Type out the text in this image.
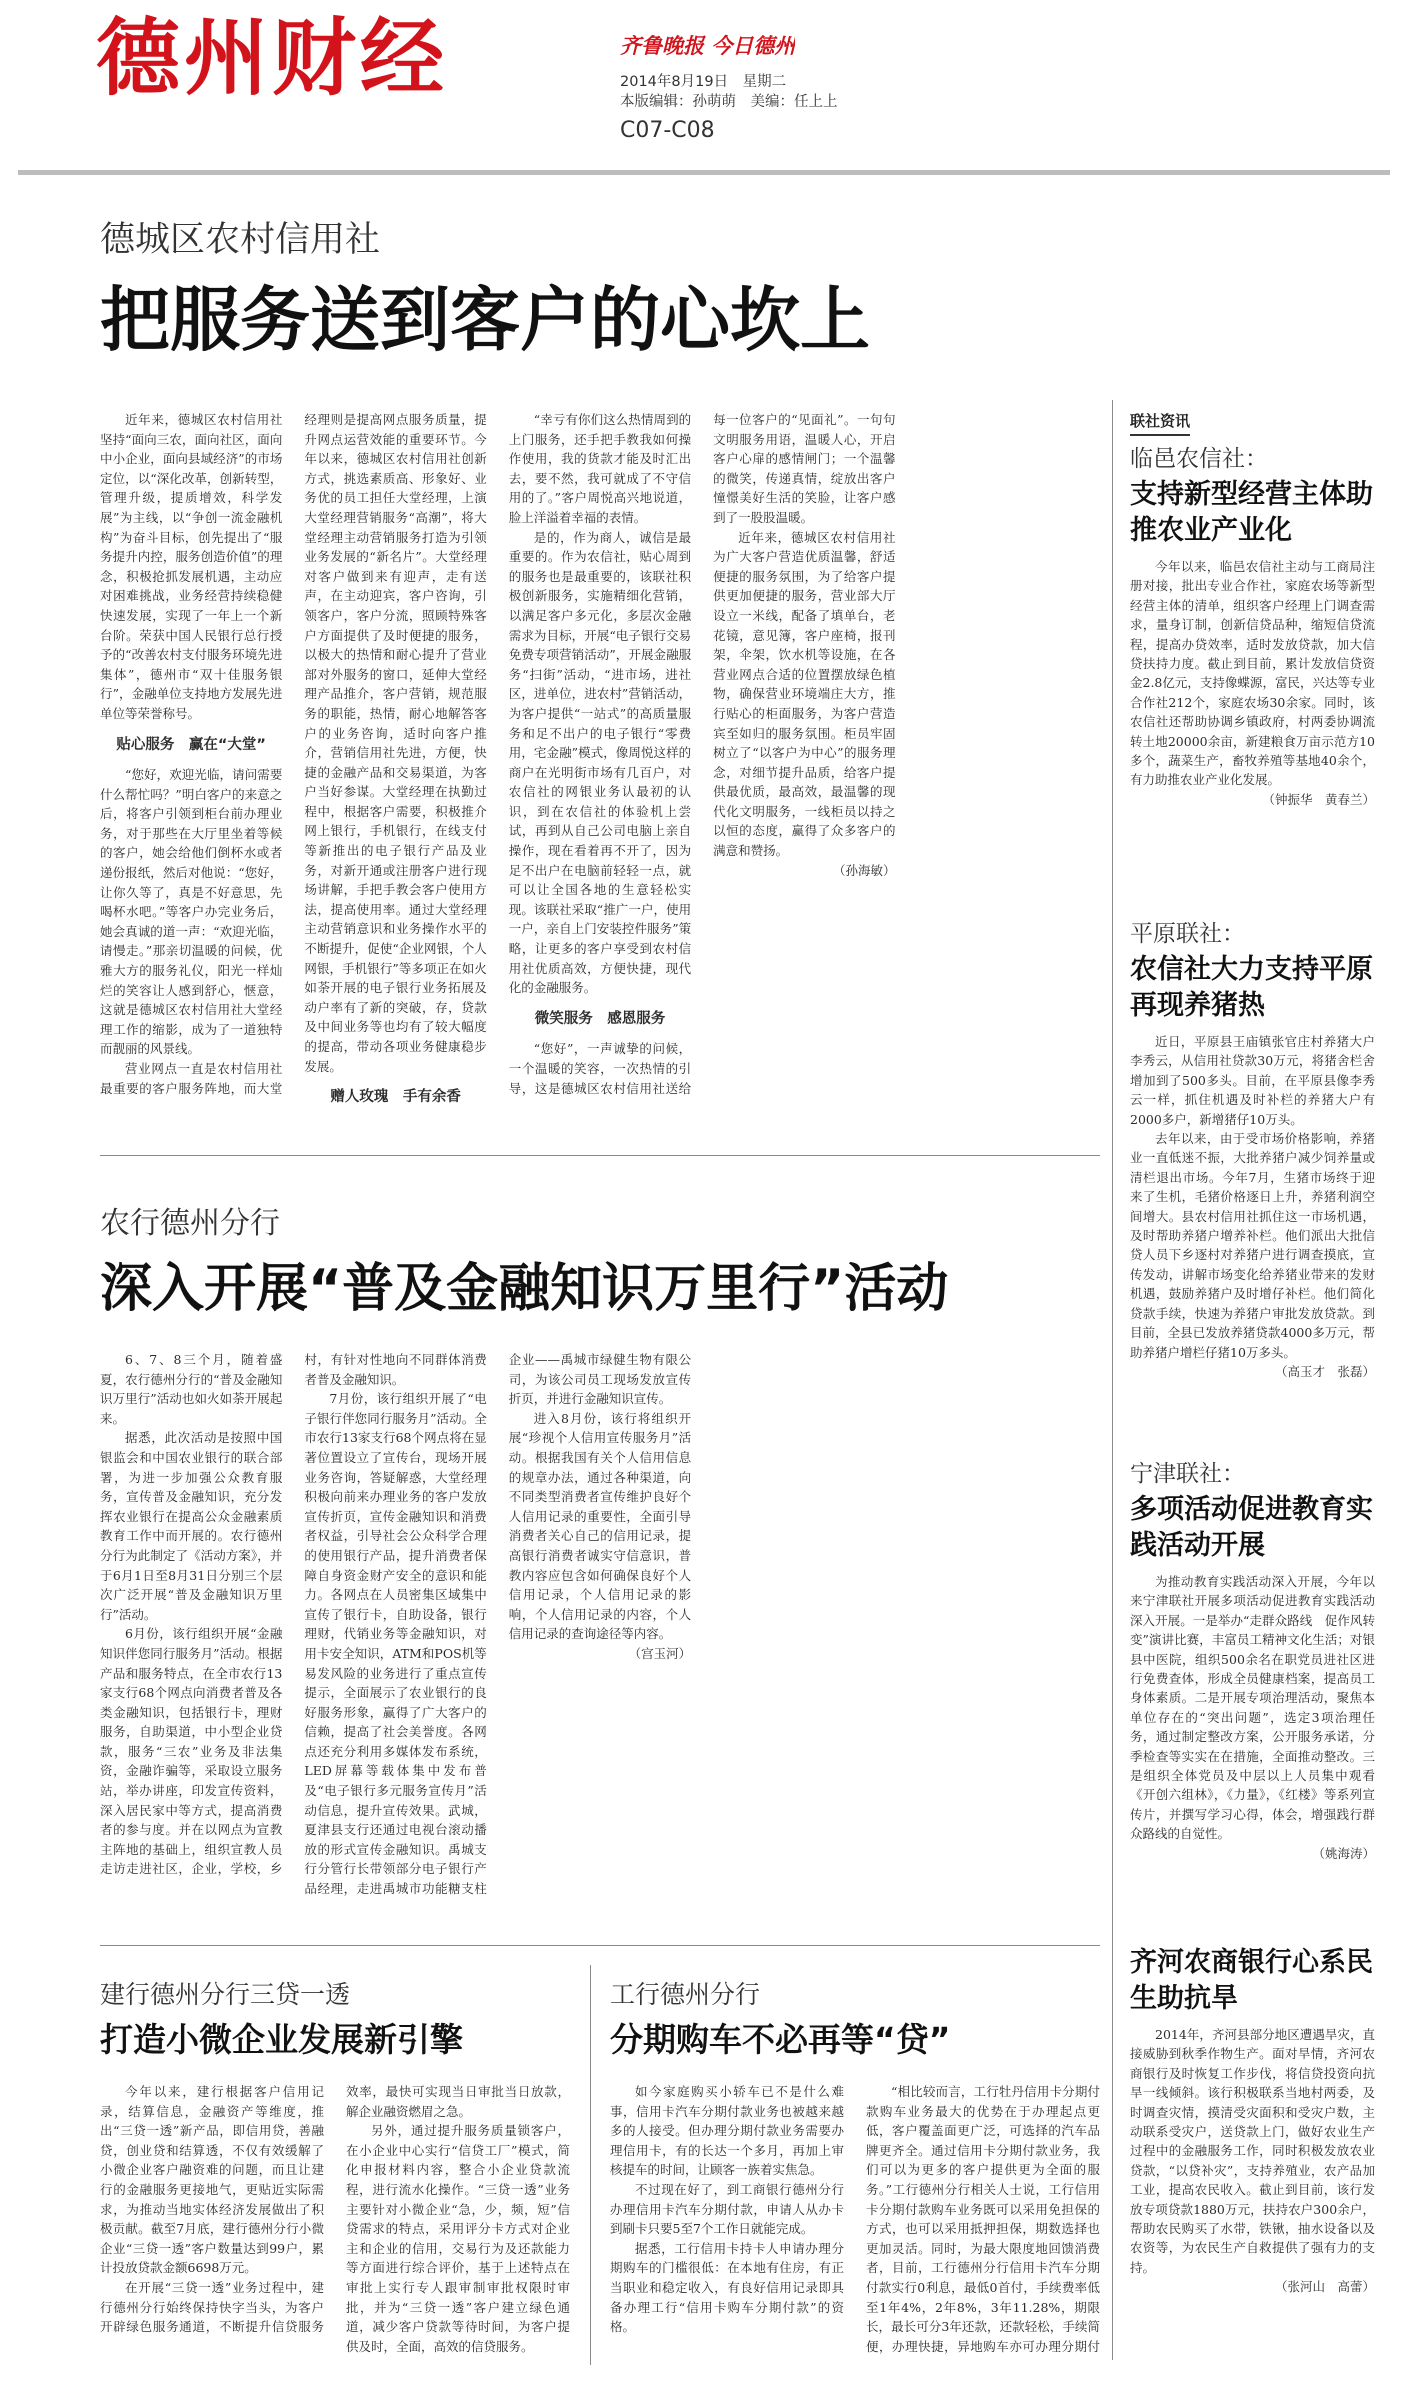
德州财经	齐鲁晚报 今日德州
2014年8月19日　星期二
本版编辑：孙萌萌　美编：任上上
C07-C08
德城区农村信用社
把服务送到客户的心坎上

近年来，德城区农村信用社坚持“面向三农，面向社区，面向中小企业，面向县域经济”的市场定位，以“深化改革，创新转型，管理升级，提质增效，科学发展”为主线，以“争创一流金融机构”为奋斗目标，创先提出了“服务提升内控，服务创造价值”的理念，积极抢抓发展机遇，主动应对困难挑战，业务经营持续稳健快速发展，实现了一年上一个新台阶。荣获中国人民银行总行授予的“改善农村支付服务环境先进集体”，德州市“双十佳服务银行”，金融单位支持地方发展先进单位等荣誉称号。

贴心服务　赢在“大堂”

“您好，欢迎光临，请问需要什么帮忙吗？”明白客户的来意之后，将客户引领到柜台前办理业务，对于那些在大厅里坐着等候的客户，她会给他们倒杯水或者递份报纸，然后对他说：“您好，让你久等了，真是不好意思，先喝杯水吧。”等客户办完业务后，她会真诚的道一声：“欢迎光临，请慢走。”那亲切温暖的问候，优雅大方的服务礼仪，阳光一样灿烂的笑容让人感到舒心，惬意，这就是德城区农村信用社大堂经理工作的缩影，成为了一道独特而靓丽的风景线。

营业网点一直是农村信用社最重要的客户服务阵地，而大堂经理则是提高网点服务质量，提升网点运营效能的重要环节。今年以来，德城区农村信用社创新方式，挑选素质高、形象好、业务优的员工担任大堂经理，上演大堂经理营销服务“高潮”，将大堂经理主动营销服务打造为引领业务发展的“新名片”。大堂经理对客户做到来有迎声，走有送声，在主动迎宾，客户咨询，引领客户，客户分流，照顾特殊客户方面提供了及时便捷的服务，以极大的热情和耐心提升了营业部对外服务的窗口，延伸大堂经理产品推介，客户营销，规范服务的职能，热情，耐心地解答客户的业务咨询，适时向客户推介，营销信用社先进，方便，快捷的金融产品和交易渠道，为客户当好参谋。大堂经理在执勤过程中，根据客户需要，积极推介网上银行，手机银行，在线支付等新推出的电子银行产品及业务，对新开通或注册客户进行现场讲解，手把手教会客户使用方法，提高使用率。通过大堂经理主动营销意识和业务操作水平的不断提升，促使“企业网银，个人网银，手机银行”等多项正在如火如荼开展的电子银行业务拓展及动户率有了新的突破，存，贷款及中间业务等也均有了较大幅度的提高，带动各项业务健康稳步发展。

赠人玫瑰　手有余香

“幸亏有你们这么热情周到的上门服务，还手把手教我如何操作使用，我的货款才能及时汇出去，要不然，我可就成了不守信用的了。”客户周悦高兴地说道，脸上洋溢着幸福的表情。

是的，作为商人，诚信是最重要的。作为农信社，贴心周到的服务也是最重要的，该联社积极创新服务，实施精细化营销，以满足客户多元化，多层次金融需求为目标，开展“电子银行交易免费专项营销活动”，开展金融服务“扫街”活动，“进市场，进社区，进单位，进农村”营销活动，为客户提供“一站式”的高质量服务和足不出户的电子银行“零费用，宅金融”模式，像周悦这样的商户在光明街市场有几百户，对农信社的网银业务认最初的认识，到在农信社的体验机上尝试，再到从自己公司电脑上亲自操作，现在看着再不开了，因为足不出户在电脑前轻轻一点，就可以让全国各地的生意轻松实现。该联社采取“推广一户，使用一户，亲自上门安装控件服务”策略，让更多的客户享受到农村信用社优质高效，方便快捷，现代化的金融服务。

微笑服务　感恩服务

“您好”，一声诚挚的问候，一个温暖的笑容，一次热情的引导，这是德城区农村信用社送给每一位客户的“见面礼”。一句句文明服务用语，温暖人心，开启客户心扉的感情闸门；一个温馨的微笑，传递真情，绽放出客户憧憬美好生活的笑脸，让客户感到了一股股温暖。

近年来，德城区农村信用社为广大客户营造优质温馨，舒适便捷的服务氛围，为了给客户提供更加便捷的服务，营业部大厅设立一米线，配备了填单台，老花镜，意见簿，客户座椅，报刊架，伞架，饮水机等设施，在各营业网点合适的位置摆放绿色植物，确保营业环境端庄大方，推行贴心的柜面服务，为客户营造宾至如归的服务氛围。柜员牢固树立了“以客户为中心”的服务理念，对细节提升品质，给客户提供最优质，最高效，最温馨的现代化文明服务，一线柜员以持之以恒的态度，赢得了众多客户的满意和赞扬。

（孙海敏）

农行德州分行
深入开展“普及金融知识万里行”活动

6、7、8三个月，随着盛夏，农行德州分行的“普及金融知识万里行”活动也如火如荼开展起来。

据悉，此次活动是按照中国银监会和中国农业银行的联合部署，为进一步加强公众教育服务，宣传普及金融知识，充分发挥农业银行在提高公众金融素质教育工作中而开展的。农行德州分行为此制定了《活动方案》，并于6月1日至8月31日分别三个层次广泛开展“普及金融知识万里行”活动。

6月份，该行组织开展“金融知识伴您同行服务月”活动。根据产品和服务特点，在全市农行13家支行68个网点向消费者普及各类金融知识，包括银行卡，理财服务，自助渠道，中小型企业贷款，服务“三农”业务及非法集资，金融诈骗等，采取设立服务站，举办讲座，印发宣传资料，深入居民家中等方式，提高消费者的参与度。并在以网点为宣教主阵地的基础上，组织宣教人员走访走进社区，企业，学校，乡村，有针对性地向不同群体消费者普及金融知识。

7月份，该行组织开展了“电子银行伴您同行服务月”活动。全市农行13家支行68个网点将在显著位置设立了宣传台，现场开展业务咨询，答疑解惑，大堂经理积极向前来办理业务的客户发放宣传折页，宣传金融知识和消费者权益，引导社会公众科学合理的使用银行产品，提升消费者保障自身资金财产安全的意识和能力。各网点在人员密集区域集中宣传了银行卡，自助设备，银行理财，代销业务等金融知识，对用卡安全知识，ATM和POS机等易发风险的业务进行了重点宣传提示，全面展示了农业银行的良好服务形象，赢得了广大客户的信赖，提高了社会美誉度。各网点还充分利用多媒体发布系统，LED屏幕等载体集中发布普及“电子银行多元服务宣传月”活动信息，提升宣传效果。武城，夏津县支行还通过电视台滚动播放的形式宣传金融知识。禹城支行分管行长带领部分电子银行产品经理，走进禹城市功能糖支柱企业——禹城市绿健生物有限公司，为该公司员工现场发放宣传折页，并进行金融知识宣传。

进入8月份，该行将组织开展“珍视个人信用宣传服务月”活动。根据我国有关个人信用信息的规章办法，通过各种渠道，向不同类型消费者宣传维护良好个人信用记录的重要性，全面引导消费者关心自己的信用记录，提高银行消费者诚实守信意识，普教内容应包含如何确保良好个人信用记录，个人信用记录的影响，个人信用记录的内容，个人信用记录的查询途径等内容。

（宫玉河）

建行德州分行三贷一透
打造小微企业发展新引擎

今年以来，建行根据客户信用记录，结算信息，金融资产等维度，推出“三贷一透”新产品，即信用贷，善融贷，创业贷和结算透，不仅有效缓解了小微企业客户融资难的问题，而且让建行的金融服务更接地气，更贴近实际需求，为推动当地实体经济发展做出了积极贡献。截至7月底，建行德州分行小微企业“三贷一透”客户数量达到99户，累计投放贷款金额6698万元。

在开展“三贷一透”业务过程中，建行德州分行始终保持快字当头，为客户开辟绿色服务通道，不断提升信贷服务效率，最快可实现当日审批当日放款，解企业融资燃眉之急。

另外，通过提升服务质量锁客户，在小企业中心实行“信贷工厂”模式，简化申报材料内容，整合小企业贷款流程，进行流水化操作。“三贷一透”业务主要针对小微企业“急，少，频，短”信贷需求的特点，采用评分卡方式对企业主和企业的信用，交易行为及还款能力等方面进行综合评价，基于上述特点在审批上实行专人跟审制审批权限时审批，并为“三贷一透”客户建立绿色通道，减少客户贷款等待时间，为客户提供及时，全面，高效的信贷服务。

工行德州分行
分期购车不必再等“贷”

如今家庭购买小轿车已不是什么难事，信用卡汽车分期付款业务也被越来越多的人接受。但办理分期付款业务需要办理信用卡，有的长达一个多月，再加上审核提车的时间，让顾客一族着实焦急。

不过现在好了，到工商银行德州分行办理信用卡汽车分期付款，申请人从办卡到刷卡只要5至7个工作日就能完成。

据悉，工行信用卡持卡人申请办理分期购车的门槛很低：在本地有住房，有正当职业和稳定收入，有良好信用记录即具备办理工行“信用卡购车分期付款”的资格。

“相比较而言，工行牡丹信用卡分期付款购车业务最大的优势在于办理起点更低，客户覆盖面更广泛，可选择的汽车品牌更齐全。通过信用卡分期付款业务，我们可以为更多的客户提供更为全面的服务。”工行德州分行相关人士说，工行信用卡分期付款购车业务既可以采用免担保的方式，也可以采用抵押担保，期数选择也更加灵活。同时，为最大限度地回馈消费者，目前，工行德州分行信用卡汽车分期付款实行0利息，最低0首付，手续费率低至1年4%，2年8%，3年11.28%，期限长，最长可分3年还款，还款轻松，手续简便，办理快捷，异地购车亦可办理分期付

联社资讯
临邑农信社：
支持新型经营主体助推农业产业化

今年以来，临邑农信社主动与工商局注册对接，批出专业合作社，家庭农场等新型经营主体的清单，组织客户经理上门调查需求，量身订制，创新信贷品种，缩短信贷流程，提高办贷效率，适时发放贷款，加大信贷扶持力度。截止到目前，累计发放信贷资金2.8亿元，支持像蝶源，富民，兴达等专业合作社212个，家庭农场30余家。同时，该农信社还帮助协调乡镇政府，村两委协调流转土地20000余亩，新建粮食万亩示范方10多个，蔬菜生产，畜牧养殖等基地40余个，有力助推农业产业化发展。

（钟振华　黄春兰）

平原联社：
农信社大力支持平原再现养猪热

近日，平原县王庙镇张官庄村养猪大户李秀云，从信用社贷款30万元，将猪舍栏舍增加到了500多头。目前，在平原县像李秀云一样，抓住机遇及时补栏的养猪大户有2000多户，新增猪仔10万头。

去年以来，由于受市场价格影响，养猪业一直低迷不振，大批养猪户减少饲养量或清栏退出市场。今年7月，生猪市场终于迎来了生机，毛猪价格逐日上升，养猪利润空间增大。县农村信用社抓住这一市场机遇，及时帮助养猪户增养补栏。他们派出大批信贷人员下乡逐村对养猪户进行调查摸底，宣传发动，讲解市场变化给养猪业带来的发财机遇，鼓励养猪户及时增仔补栏。他们简化贷款手续，快速为养猪户审批发放贷款。到目前，全县已发放养猪贷款4000多万元，帮助养猪户增栏仔猪10万多头。

（高玉才　张磊）

宁津联社：
多项活动促进教育实践活动开展

为推动教育实践活动深入开展，今年以来宁津联社开展多项活动促进教育实践活动深入开展。一是举办“走群众路线　促作风转变”演讲比赛，丰富员工精神文化生活；对银县中医院，组织500余名在职党员进社区进行免费查体，形成全员健康档案，提高员工身体素质。二是开展专项治理活动，聚焦本单位存在的“突出问题”，选定3项治理任务，通过制定整改方案，公开服务承诺，分季检查等实实在在措施，全面推动整改。三是组织全体党员及中层以上人员集中观看《开创六组林》，《力量》，《红楼》等系列宣传片，并撰写学习心得，体会，增强践行群众路线的自觉性。

（姚海涛）

齐河农商银行心系民生助抗旱

2014年，齐河县部分地区遭遇旱灾，直接威胁到秋季作物生产。面对旱情，齐河农商银行及时恢复工作步伐，将信贷投资向抗旱一线倾斜。该行积极联系当地村两委，及时调查灾情，摸清受灾面积和受灾户数，主动联系受灾户，送贷款上门，做好农业生产过程中的金融服务工作，同时积极发放农业贷款，“以贷补灾”，支持养殖业，农产品加工业，提高农民收入。截止到目前，该行发放专项贷款1880万元，扶持农户300余户，帮助农民购买了水带，铁锹，抽水设备以及农资等，为农民生产自救提供了强有力的支持。

（张河山　高蕾）
